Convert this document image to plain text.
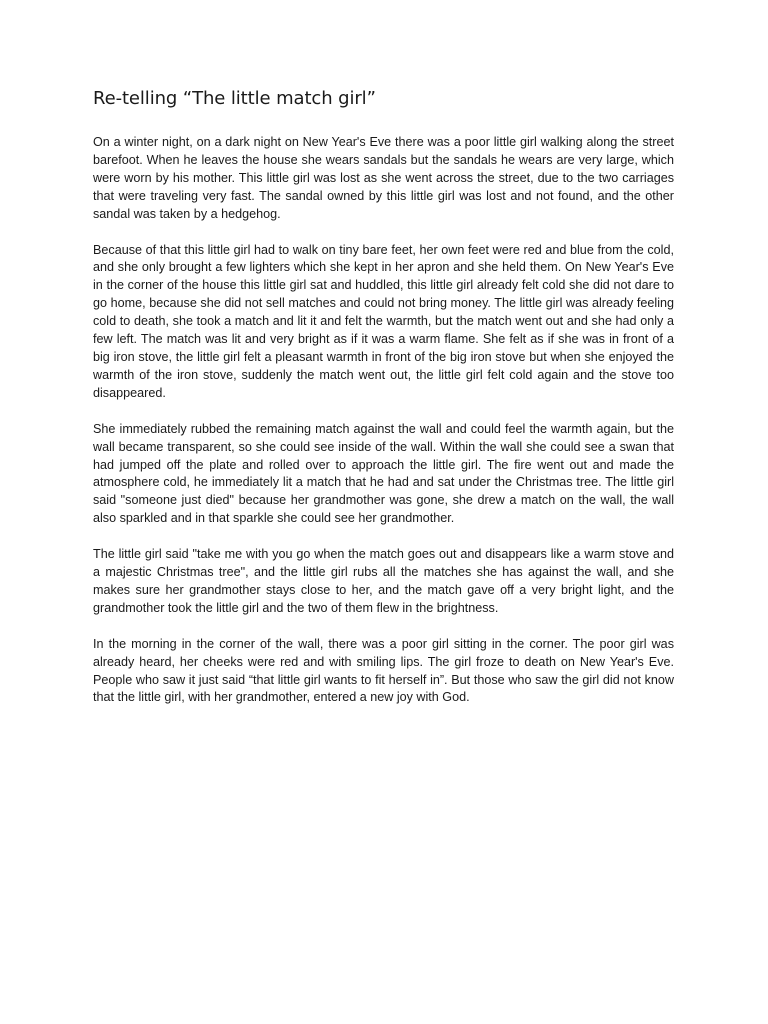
Re-telling “The little match girl”

On a winter night, on a dark night on New Year's Eve there was a poor little girl walking along the street barefoot. When he leaves the house she wears sandals but the sandals he wears are very large, which were worn by his mother. This little girl was lost as she went across the street, due to the two carriages that were traveling very fast. The sandal owned by this little girl was lost and not found, and the other sandal was taken by a hedgehog.

Because of that this little girl had to walk on tiny bare feet, her own feet were red and blue from the cold, and she only brought a few lighters which she kept in her apron and she held them. On New Year's Eve in the corner of the house this little girl sat and huddled, this little girl already felt cold she did not dare to go home, because she did not sell matches and could not bring money. The little girl was already feeling cold to death, she took a match and lit it and felt the warmth, but the match went out and she had only a few left. The match was lit and very bright as if it was a warm flame. She felt as if she was in front of a big iron stove, the little girl felt a pleasant warmth in front of the big iron stove but when she enjoyed the warmth of the iron stove, suddenly the match went out, the little girl felt cold again and the stove too disappeared.

She immediately rubbed the remaining match against the wall and could feel the warmth again, but the wall became transparent, so she could see inside of the wall. Within the wall she could see a swan that had jumped off the plate and rolled over to approach the little girl. The fire went out and made the atmosphere cold, he immediately lit a match that he had and sat under the Christmas tree. The little girl said "someone just died" because her grandmother was gone, she drew a match on the wall, the wall also sparkled and in that sparkle she could see her grandmother.

The little girl said "take me with you go when the match goes out and disappears like a warm stove and a majestic Christmas tree", and the little girl rubs all the matches she has against the wall, and she makes sure her grandmother stays close to her, and the match gave off a very bright light, and the grandmother took the little girl and the two of them flew in the brightness.

In the morning in the corner of the wall, there was a poor girl sitting in the corner. The poor girl was already heard, her cheeks were red and with smiling lips. The girl froze to death on New Year's Eve. People who saw it just said “that little girl wants to fit herself in”. But those who saw the girl did not know that the little girl, with her grandmother, entered a new joy with God.
